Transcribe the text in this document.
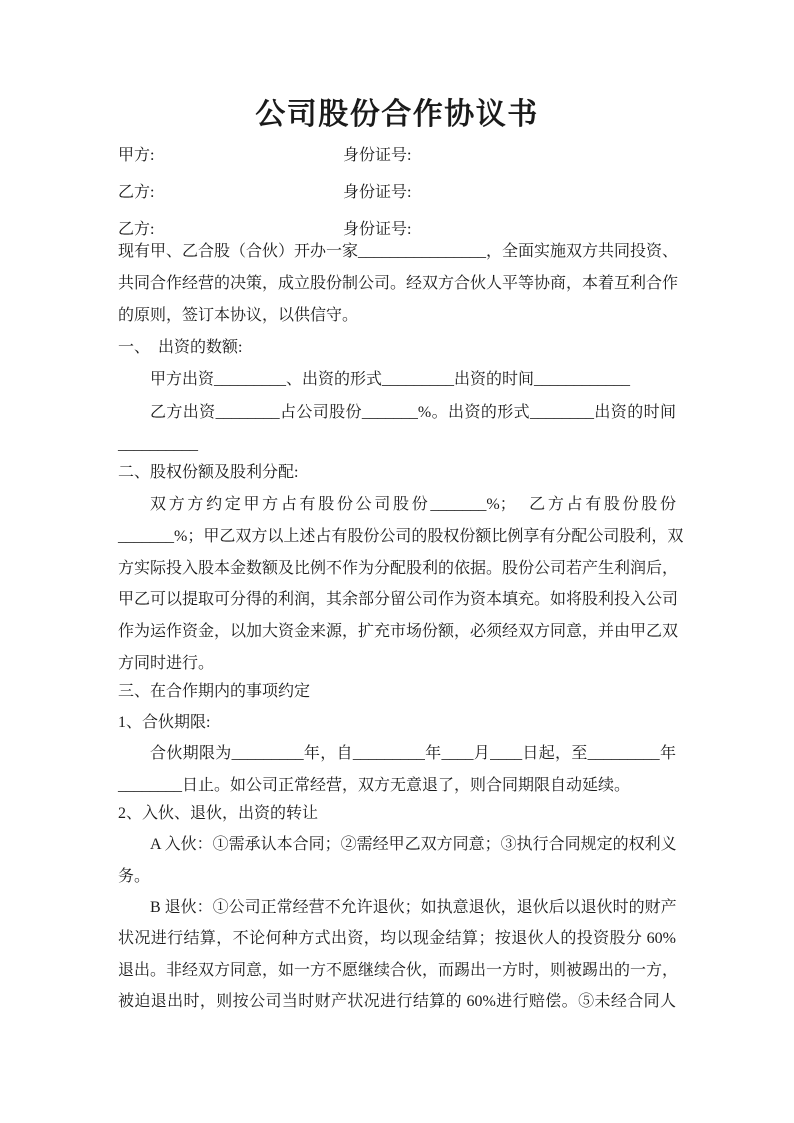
公司股份合作协议书
甲方:	身份证号:
乙方:	身份证号:
乙方:	身份证号:
现有甲、乙合股（合伙）开办一家________________，全面实施双方共同投资、
共同合作经营的决策，成立股份制公司。经双方合伙人平等协商，本着互利合作
的原则，签订本协议，以供信守。
一、　出资的数额:
甲方出资_________、出资的形式_________出资的时间____________
乙方出资________占公司股份_______%。出资的形式________出资的时间
__________
二、股权份额及股利分配:
双方方约定甲方占有股份公司股份_______%；　乙方占有股份股份
_______%；甲乙双方以上述占有股份公司的股权份额比例享有分配公司股利，双
方实际投入股本金数额及比例不作为分配股利的依据。股份公司若产生利润后，
甲乙可以提取可分得的利润，其余部分留公司作为资本填充。如将股利投入公司
作为运作资金，以加大资金来源，扩充市场份额，必须经双方同意，并由甲乙双
方同时进行。
三、在合作期内的事项约定
1、合伙期限:
合伙期限为_________年，自_________年____月____日起，至_________年
________日止。如公司正常经营，双方无意退了，则合同期限自动延续。
2、入伙、退伙，出资的转让
A 入伙：①需承认本合同；②需经甲乙双方同意；③执行合同规定的权利义
务。
B 退伙：①公司正常经营不允许退伙；如执意退伙，退伙后以退伙时的财产
状况进行结算，不论何种方式出资，均以现金结算；按退伙人的投资股分 60%
退出。非经双方同意，如一方不愿继续合伙，而踢出一方时，则被踢出的一方，
被迫退出时，则按公司当时财产状况进行结算的 60%进行赔偿。⑤未经合同人
